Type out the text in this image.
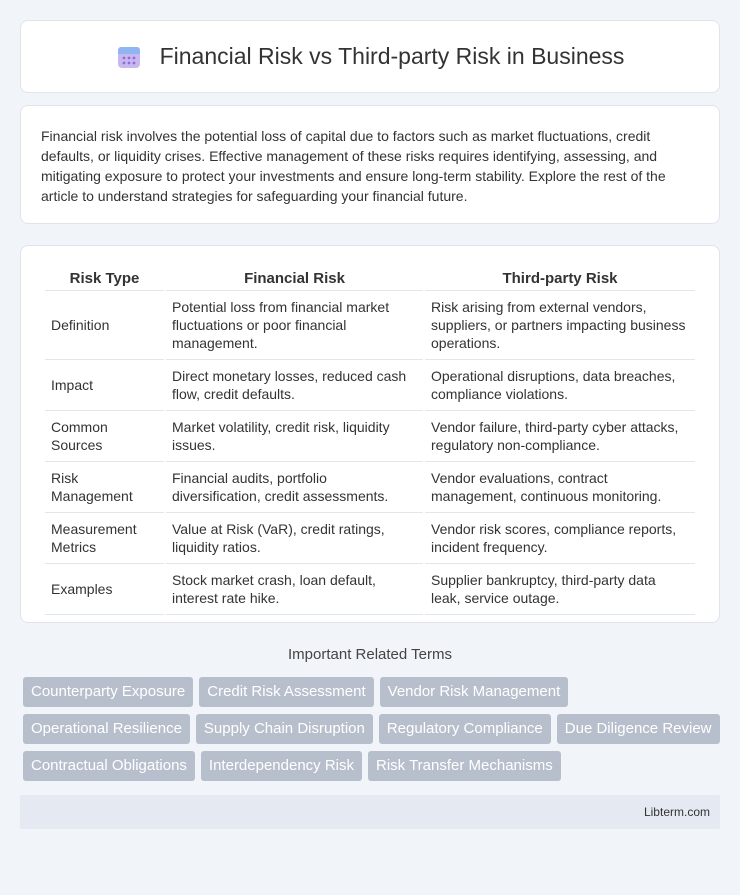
Financial Risk vs Third-party Risk in Business

Financial risk involves the potential loss of capital due to factors such as market fluctuations, credit defaults, or liquidity crises. Effective management of these risks requires identifying, assessing, and mitigating exposure to protect your investments and ensure long-term stability. Explore the rest of the article to understand strategies for safeguarding your financial future.

Risk Type	Financial Risk	Third-party Risk
Definition	Potential loss from financial market fluctuations or poor financial management.	Risk arising from external vendors, suppliers, or partners impacting business operations.
Impact	Direct monetary losses, reduced cash flow, credit defaults.	Operational disruptions, data breaches, compliance violations.
Common Sources	Market volatility, credit risk, liquidity issues.	Vendor failure, third-party cyber attacks, regulatory non-compliance.
Risk Management	Financial audits, portfolio diversification, credit assessments.	Vendor evaluations, contract management, continuous monitoring.
Measurement Metrics	Value at Risk (VaR), credit ratings, liquidity ratios.	Vendor risk scores, compliance reports, incident frequency.
Examples	Stock market crash, loan default, interest rate hike.	Supplier bankruptcy, third-party data leak, service outage.
Important Related Terms
Counterparty Exposure	Credit Risk Assessment	Vendor Risk Management
Operational Resilience	Supply Chain Disruption	Regulatory Compliance	Due Diligence Review
Contractual Obligations	Interdependency Risk	Risk Transfer Mechanisms
Libterm.com
